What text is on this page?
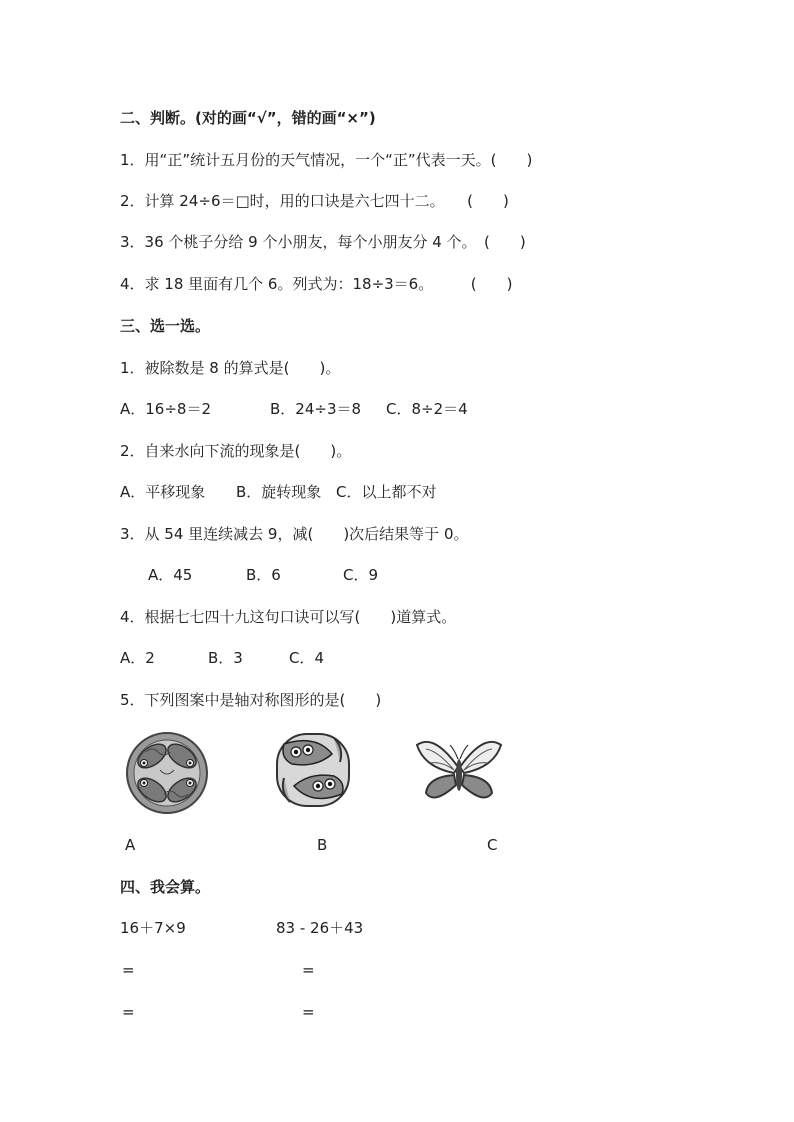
二、判断。(对的画“√”，错的画“×”)
1．用“正”统计五月份的天气情况，一个“正”代表一天。(　　)
2．计算 24÷6＝□时，用的口诀是六七四十二。　　(　　)
3．36 个桃子分给 9 个小朋友，每个小朋友分 4 个。　(　　)
4．求 18 里面有几个 6。列式为：18÷3＝6。　　　(　　)
三、选一选。
1．被除数是 8 的算式是(　　)。
A．16÷8＝2	B．24÷3＝8 C．8÷2＝4
2．自来水向下流的现象是(　　)。
A．平移现象 B．旋转现象 C．以上都不对
3．从 54 里连续减去 9，减(　　)次后结果等于 0。
A．45	B．6	C．9
4．根据七七四十九这句口诀可以写(　　)道算式。
A．2	B．3	C．4
5．下列图案中是轴对称图形的是(　　)
A	B	C
四、我会算。
16＋7×9	83 - 26＋43
=	=
=	=
